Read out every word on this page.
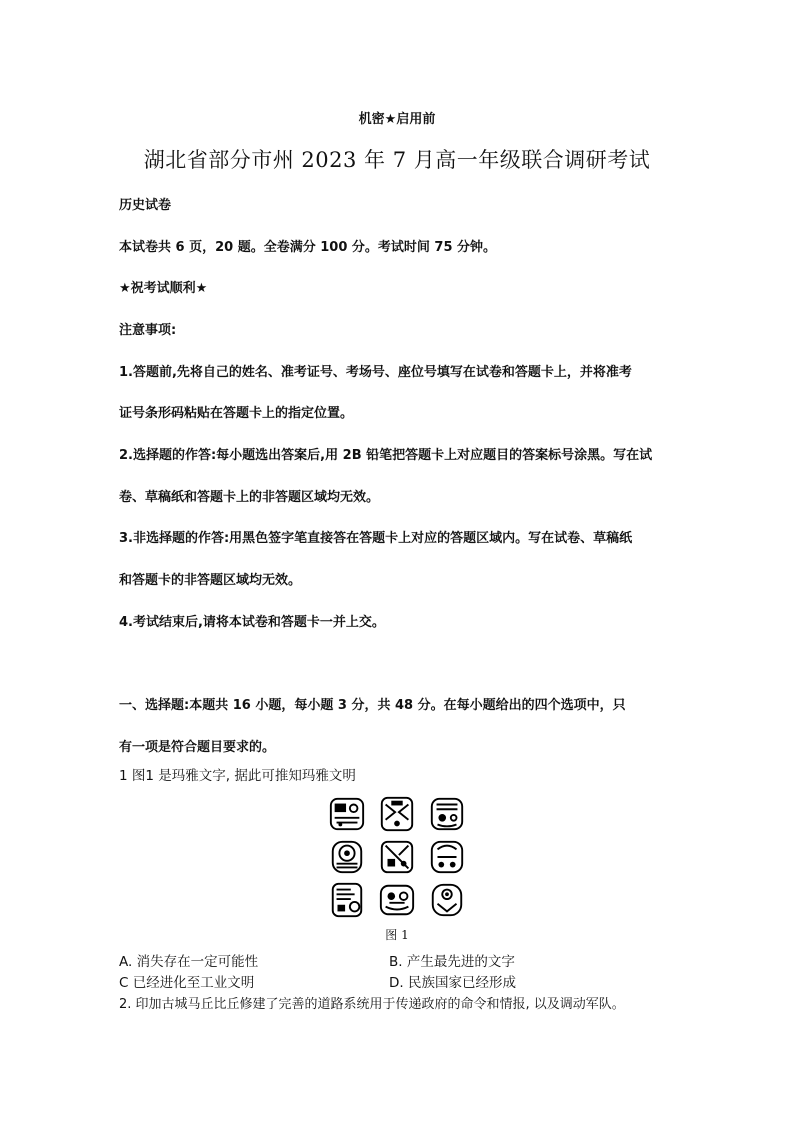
机密★启用前
湖北省部分市州 2023 年 7 月高一年级联合调研考试
历史试卷
本试卷共 6 页，20 题。全卷满分 100 分。考试时间 75 分钟。
★祝考试顺利★
注意事项:
1.答题前,先将自己的姓名、准考证号、考场号、座位号填写在试卷和答题卡上，并将准考
证号条形码粘贴在答题卡上的指定位置。
2.选择题的作答:每小题选出答案后,用 2B 铅笔把答题卡上对应题目的答案标号涂黑。写在试
卷、草稿纸和答题卡上的非答题区域均无效。
3.非选择题的作答:用黑色签字笔直接答在答题卡上对应的答题区域内。写在试卷、草稿纸
和答题卡的非答题区域均无效。
4.考试结束后,请将本试卷和答题卡一并上交。
一、选择题:本题共 16 小题，每小题 3 分，共 48 分。在每小题给出的四个选项中，只
有一项是符合题目要求的。
1 图1 是玛雅文字, 据此可推知玛雅文明
图 1
A. 消失存在一定可能性	B. 产生最先进的文字
C 已经进化至工业文明	D. 民族国家已经形成
2. 印加古城马丘比丘修建了完善的道路系统用于传递政府的命令和情报, 以及调动军队。
